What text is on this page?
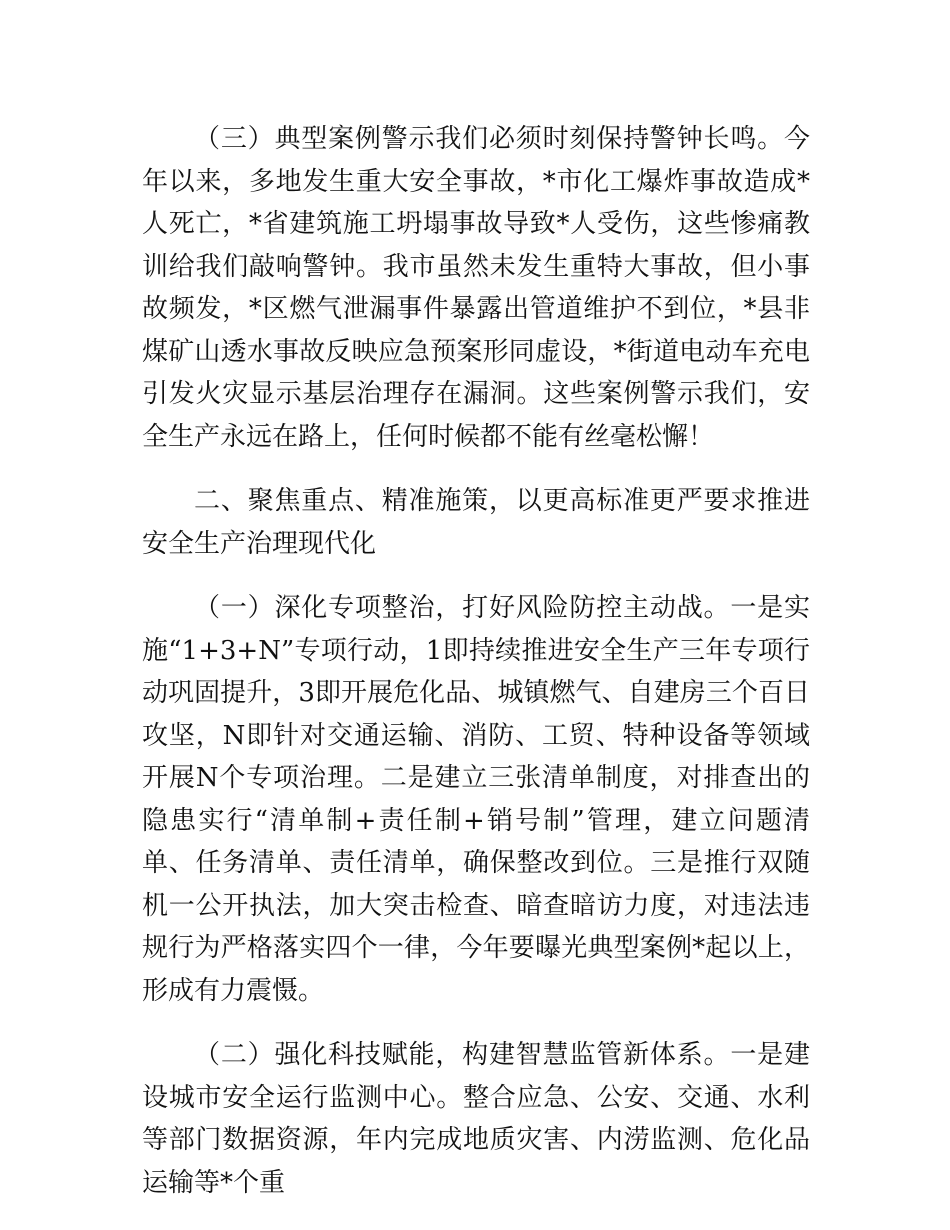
（三）典型案例警示我们必须时刻保持警钟长鸣。今年以来，多地发生重大安全事故，*市化工爆炸事故造成*人死亡，*省建筑施工坍塌事故导致*人受伤，这些惨痛教训给我们敲响警钟。我市虽然未发生重特大事故，但小事故频发，*区燃气泄漏事件暴露出管道维护不到位，*县非煤矿山透水事故反映应急预案形同虚设，*街道电动车充电引发火灾显示基层治理存在漏洞。这些案例警示我们，安全生产永远在路上，任何时候都不能有丝毫松懈！

二、聚焦重点、精准施策，以更高标准更严要求推进安全生产治理现代化

（一）深化专项整治，打好风险防控主动战。一是实施“1+3+N”专项行动，1即持续推进安全生产三年专项行动巩固提升，3即开展危化品、城镇燃气、自建房三个百日攻坚，N即针对交通运输、消防、工贸、特种设备等领域开展N个专项治理。二是建立三张清单制度，对排查出的隐患实行“清单制+责任制+销号制”管理，建立问题清单、任务清单、责任清单，确保整改到位。三是推行双随机一公开执法，加大突击检查、暗查暗访力度，对违法违规行为严格落实四个一律，今年要曝光典型案例*起以上，形成有力震慑。

（二）强化科技赋能，构建智慧监管新体系。一是建设城市安全运行监测中心。整合应急、公安、交通、水利等部门数据资源，年内完成地质灾害、内涝监测、危化品运输等*个重
